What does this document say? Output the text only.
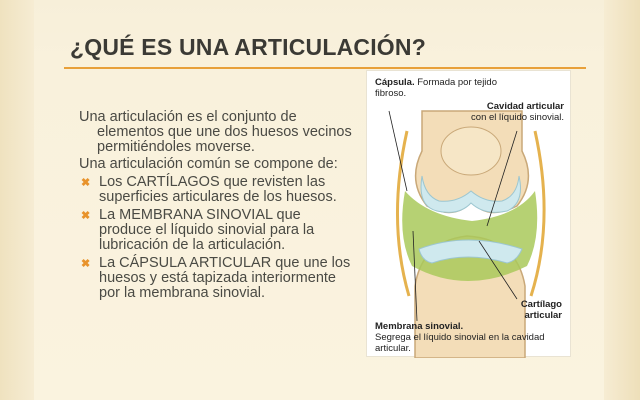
¿QUÉ ES UNA ARTICULACIÓN?

Una articulación es el conjunto de elementos que une dos huesos vecinos permitiéndoles moverse.

Una articulación común se compone de:

✖ Los CARTÍLAGOS que revisten las superficies articulares de los huesos.
✖ La MEMBRANA SINOVIAL que produce el líquido sinovial para la lubricación de la articulación.
✖ La CÁPSULA ARTICULAR que une los huesos y está tapizada interiormente por la membrana sinovial.
Cápsula. Formada por tejido fibroso.
Cavidad articular
con el líquido sinovial.
Cartílago articular
Membrana sinovial.
Segrega el líquido sinovial en la cavidad articular.
